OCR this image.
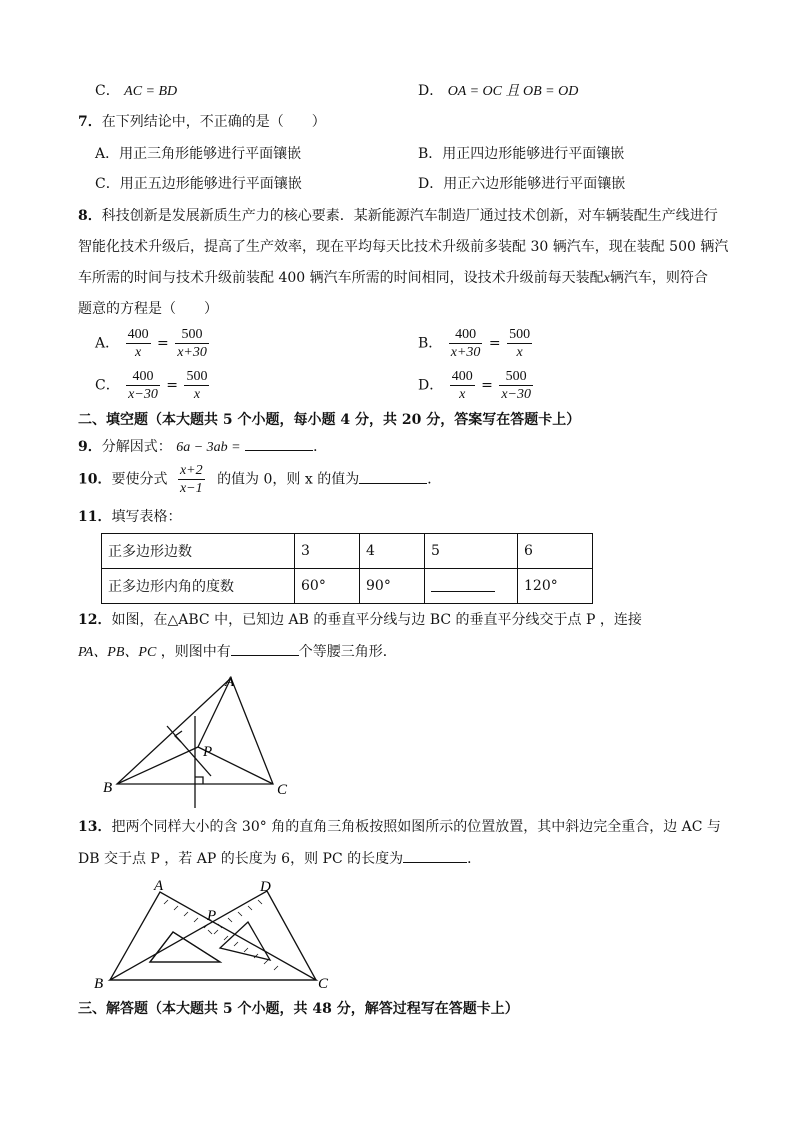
C． AC = BD	D． OA = OC 且 OB = OD
7．在下列结论中，不正确的是（　　）
A．用正三角形能够进行平面镶嵌	B．用正四边形能够进行平面镶嵌
C．用正五边形能够进行平面镶嵌	D．用正六边形能够进行平面镶嵌
8．科技创新是发展新质生产力的核心要素．某新能源汽车制造厂通过技术创新，对车辆装配生产线进行
智能化技术升级后，提高了生产效率，现在平均每天比技术升级前多装配 30 辆汽车，现在装配 500 辆汽
车所需的时间与技术升级前装配 400 辆汽车所需的时间相同，设技术升级前每天装配x辆汽车，则符合
题意的方程是（　　）
A． $\frac{400}{x} = \frac{500}{x+30}$	B． $\frac{400}{x+30} = \frac{500}{x}$
C． $\frac{400}{x-30} = \frac{500}{x}$	D． $\frac{400}{x} = \frac{500}{x-30}$
二、填空题（本大题共 5 个小题，每小题 4 分，共 20 分，答案写在答题卡上）
9．分解因式： 6a − 3ab =	．
10．要使分式 $\frac{x+2}{x-1}$ 的值为 0，则 x 的值为	．
11．填写表格：
正多边形边数	3	4	5	6
正多边形内角的度数	60°	90°		120°
12．如图，在△ABC 中，已知边 AB 的垂直平分线与边 BC 的垂直平分线交于点 P ，连接
PA、PB、PC ，则图中有	个等腰三角形．
A
B	C
P
13．把两个同样大小的含 30° 角的直角三角板按照如图所示的位置放置，其中斜边完全重合，边 AC 与
DB 交于点 P ，若 AP 的长度为 6，则 PC 的长度为	．
A
B	C
D
P
三、解答题（本大题共 5 个小题，共 48 分，解答过程写在答题卡上）
